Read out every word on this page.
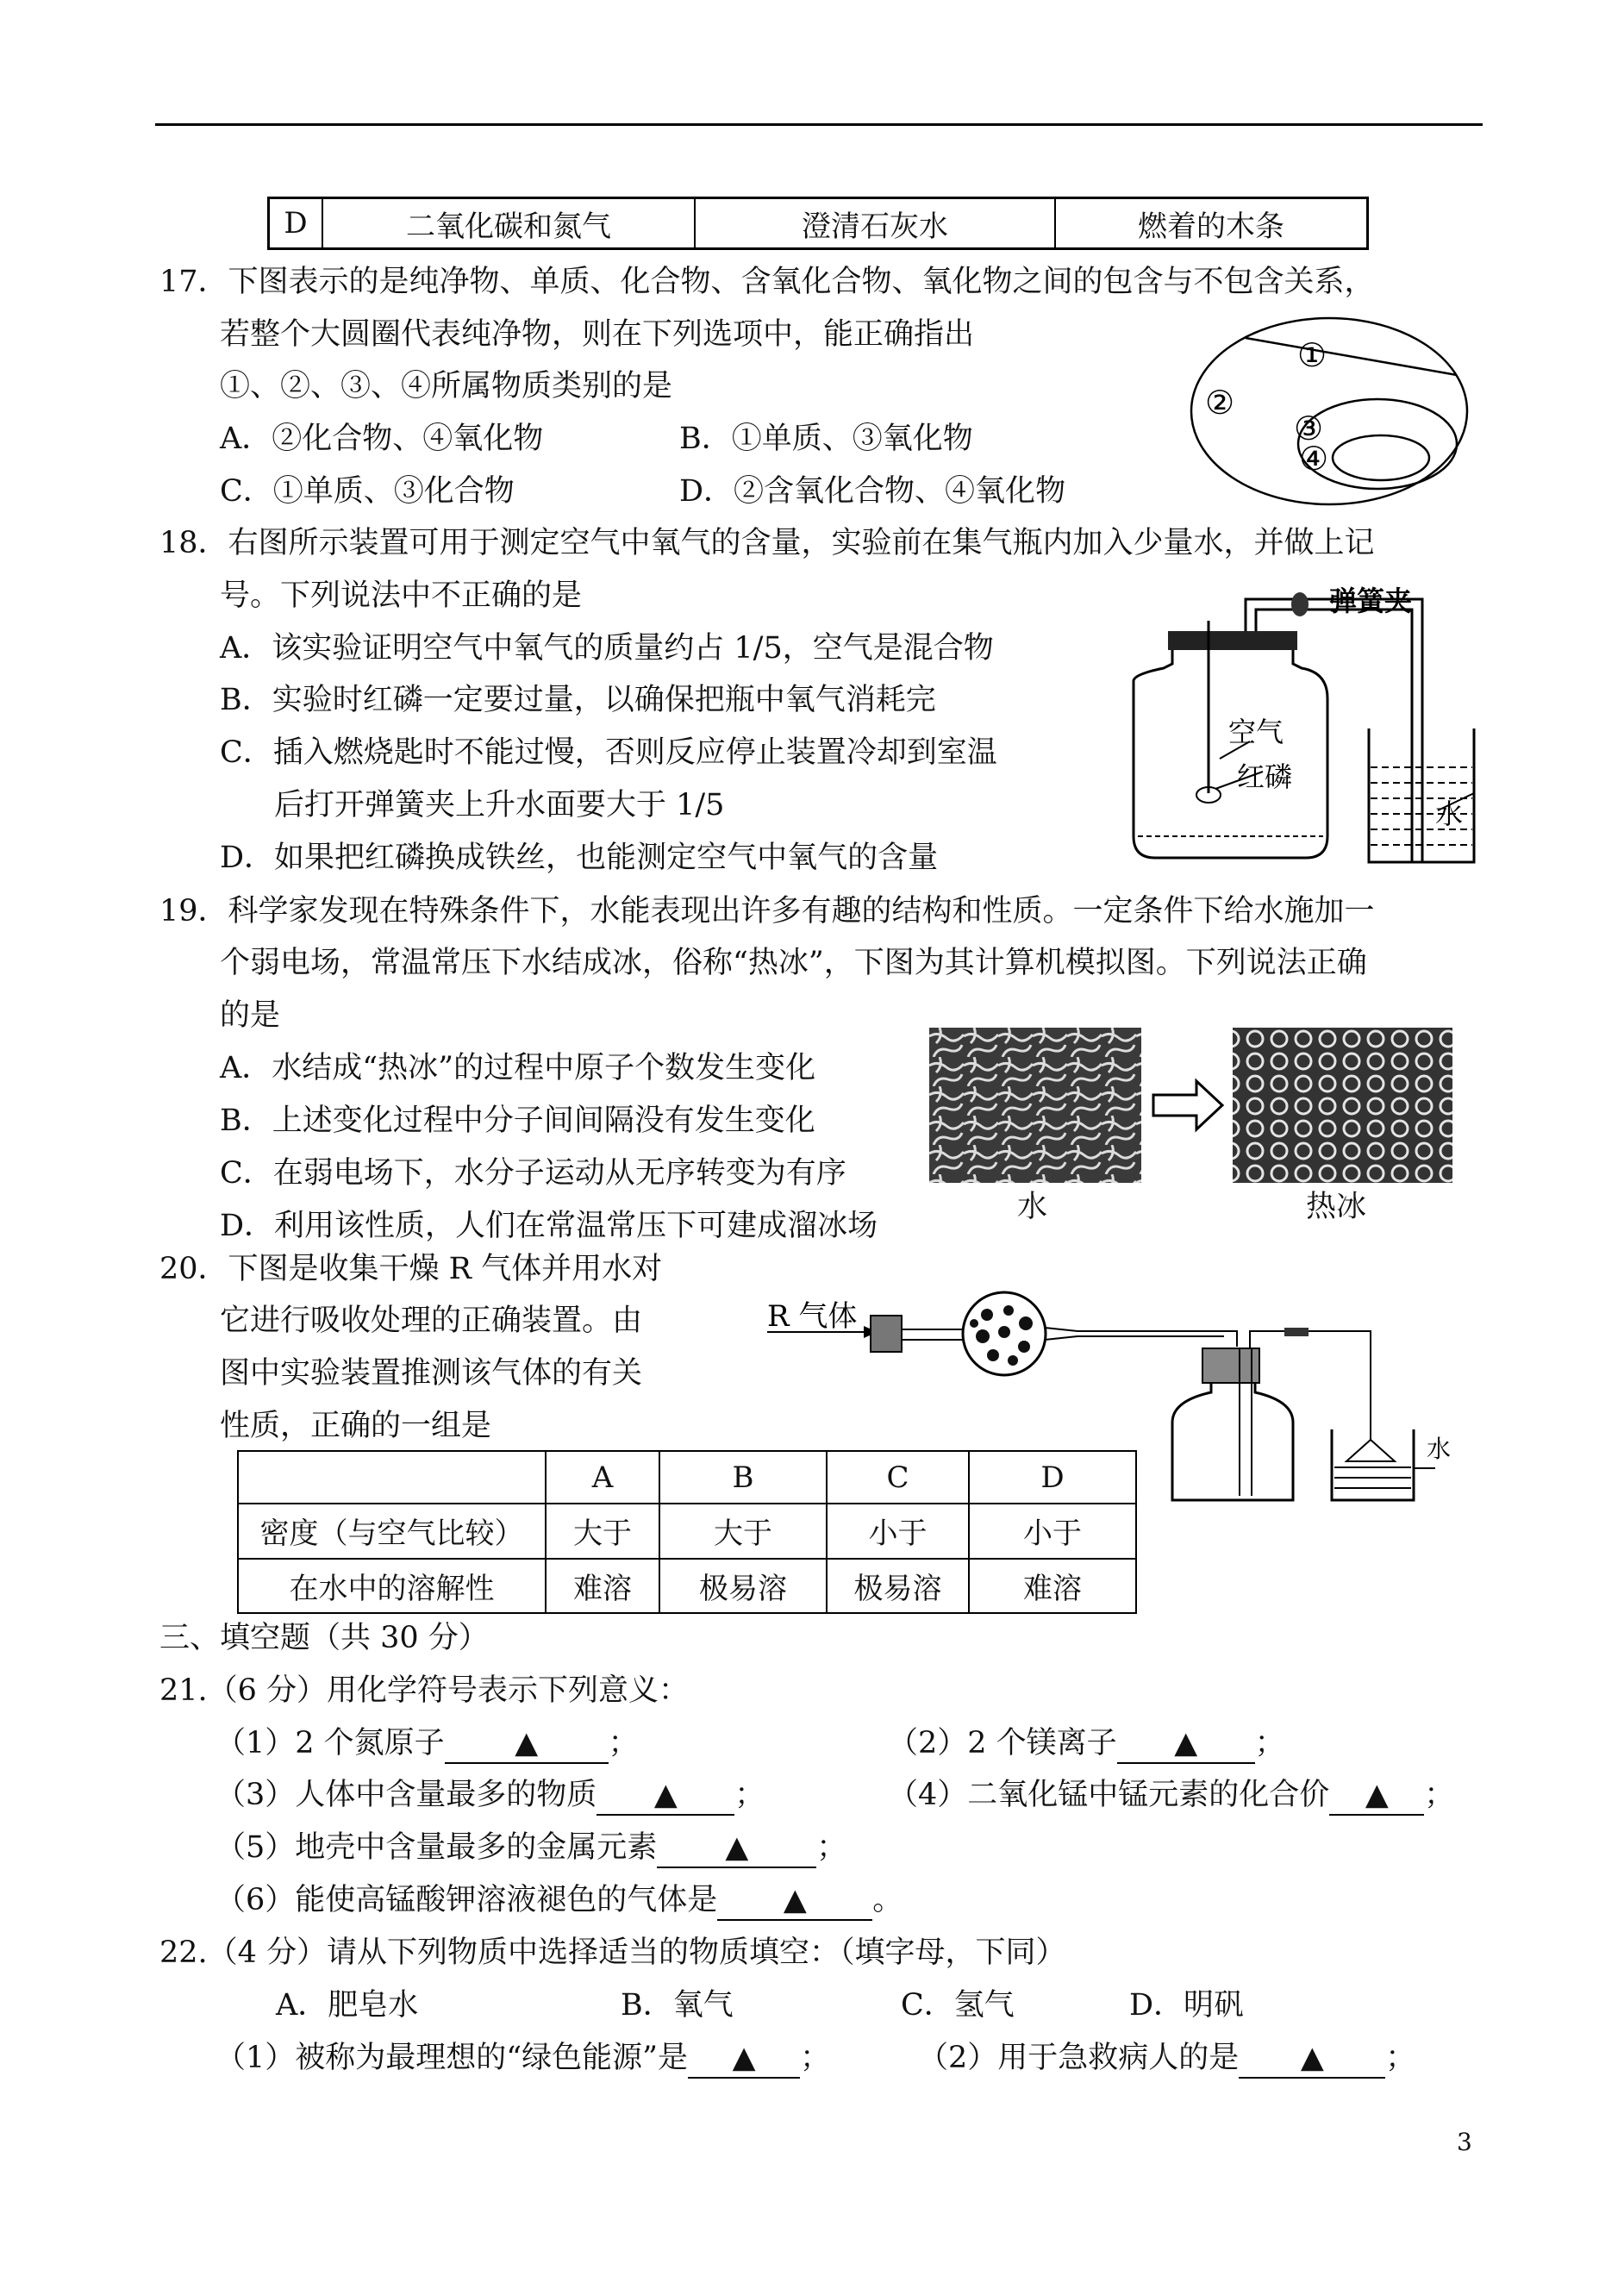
D	二氧化碳和氮气	澄清石灰水	燃着的木条
17．下图表示的是纯净物、单质、化合物、含氧化合物、氧化物之间的包含与不包含关系，
若整个大圆圈代表纯净物，则在下列选项中，能正确指出
①、②、③、④所属物质类别的是
A．②化合物、④氧化物	B．①单质、③氧化物
C．①单质、③化合物	D．②含氧化合物、④氧化物
①
②
③
④
18．右图所示装置可用于测定空气中氧气的含量，实验前在集气瓶内加入少量水，并做上记
号。下列说法中不正确的是
A．该实验证明空气中氧气的质量约占 1/5，空气是混合物
B．实验时红磷一定要过量，以确保把瓶中氧气消耗完
C．插入燃烧匙时不能过慢，否则反应停止装置冷却到室温
后打开弹簧夹上升水面要大于 1/5
D．如果把红磷换成铁丝，也能测定空气中氧气的含量
弹簧夹
空气
红磷
水
19．科学家发现在特殊条件下，水能表现出许多有趣的结构和性质。一定条件下给水施加一
个弱电场，常温常压下水结成冰，俗称“热冰”，下图为其计算机模拟图。下列说法正确
的是
A．水结成“热冰”的过程中原子个数发生变化
B．上述变化过程中分子间间隔没有发生变化
C．在弱电场下，水分子运动从无序转变为有序
D．利用该性质，人们在常温常压下可建成溜冰场
水	热冰
20．下图是收集干燥 R 气体并用水对
它进行吸收处理的正确装置。由
图中实验装置推测该气体的有关
性质，正确的一组是
R 气体
水
	A	B	C	D
密度（与空气比较）	大于	大于	小于	小于
在水中的溶解性	难溶	极易溶	极易溶	难溶
三、填空题（共 30 分）
21.（6 分）用化学符号表示下列意义：
（1）2 个氮原子 ▲ ；	（2）2 个镁离子 ▲ ；
（3）人体中含量最多的物质 ▲ ；	（4）二氧化锰中锰元素的化合价 ▲ ；
（5）地壳中含量最多的金属元素 ▲ ；
（6）能使高锰酸钾溶液褪色的气体是 ▲ 。
22.（4 分）请从下列物质中选择适当的物质填空：（填字母，下同）
A．肥皂水	B．氧气	C．氢气	D．明矾
（1）被称为最理想的“绿色能源”是 ▲ ；	（2）用于急救病人的是 ▲ ；
3
